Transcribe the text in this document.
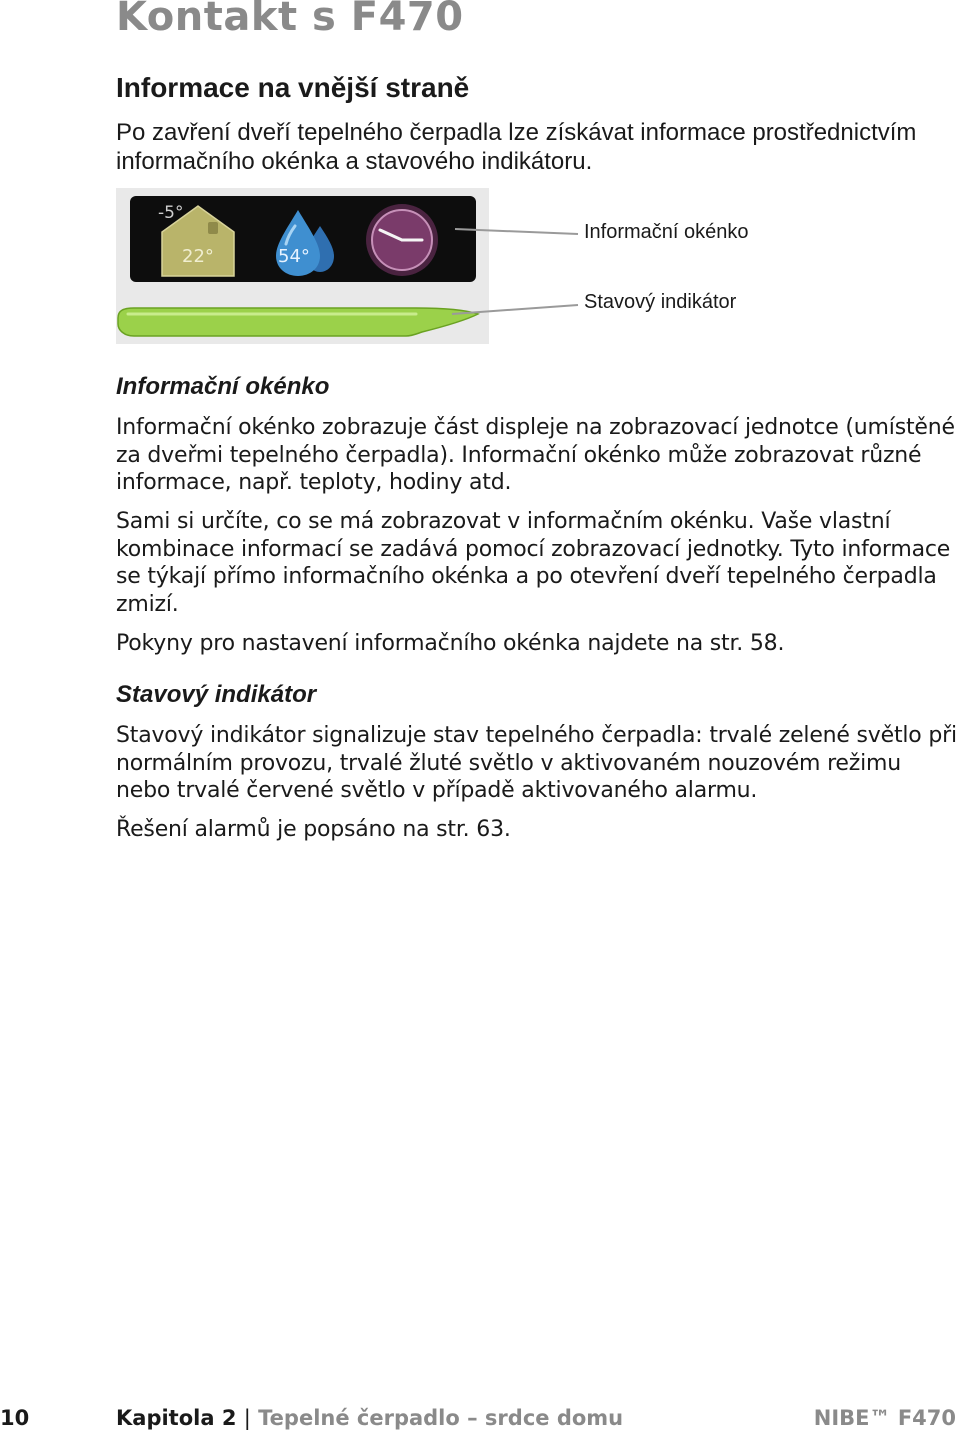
Kontakt s F470
Informace na vnější straně

Po zavření dveří tepelného čerpadla lze získávat informace prostřednictvím informačního okénka a stavového indikátoru.

-5°
22°	54°
Informační okénko
Stavový indikátor
Informační okénko

Informační okénko zobrazuje část displeje na zobrazovací jednotce (umístěné za dveřmi tepelného čerpadla). Informační okénko může zobrazovat různé informace, např. teploty, hodiny atd.

Sami si určíte, co se má zobrazovat v informačním okénku. Vaše vlastní kombinace informací se zadává pomocí zobrazovací jednotky. Tyto informace se týkají přímo informačního okénka a po otevření dveří tepelného čerpadla zmizí.

Pokyny pro nastavení informačního okénka najdete na str. 58.

Stavový indikátor

Stavový indikátor signalizuje stav tepelného čerpadla: trvalé zelené světlo při normálním provozu, trvalé žluté světlo v aktivovaném nouzovém režimu nebo trvalé červené světlo v případě aktivovaného alarmu.

Řešení alarmů je popsáno na str. 63.

10	Kapitola 2 | Tepelné čerpadlo – srdce domu	NIBE™ F470
